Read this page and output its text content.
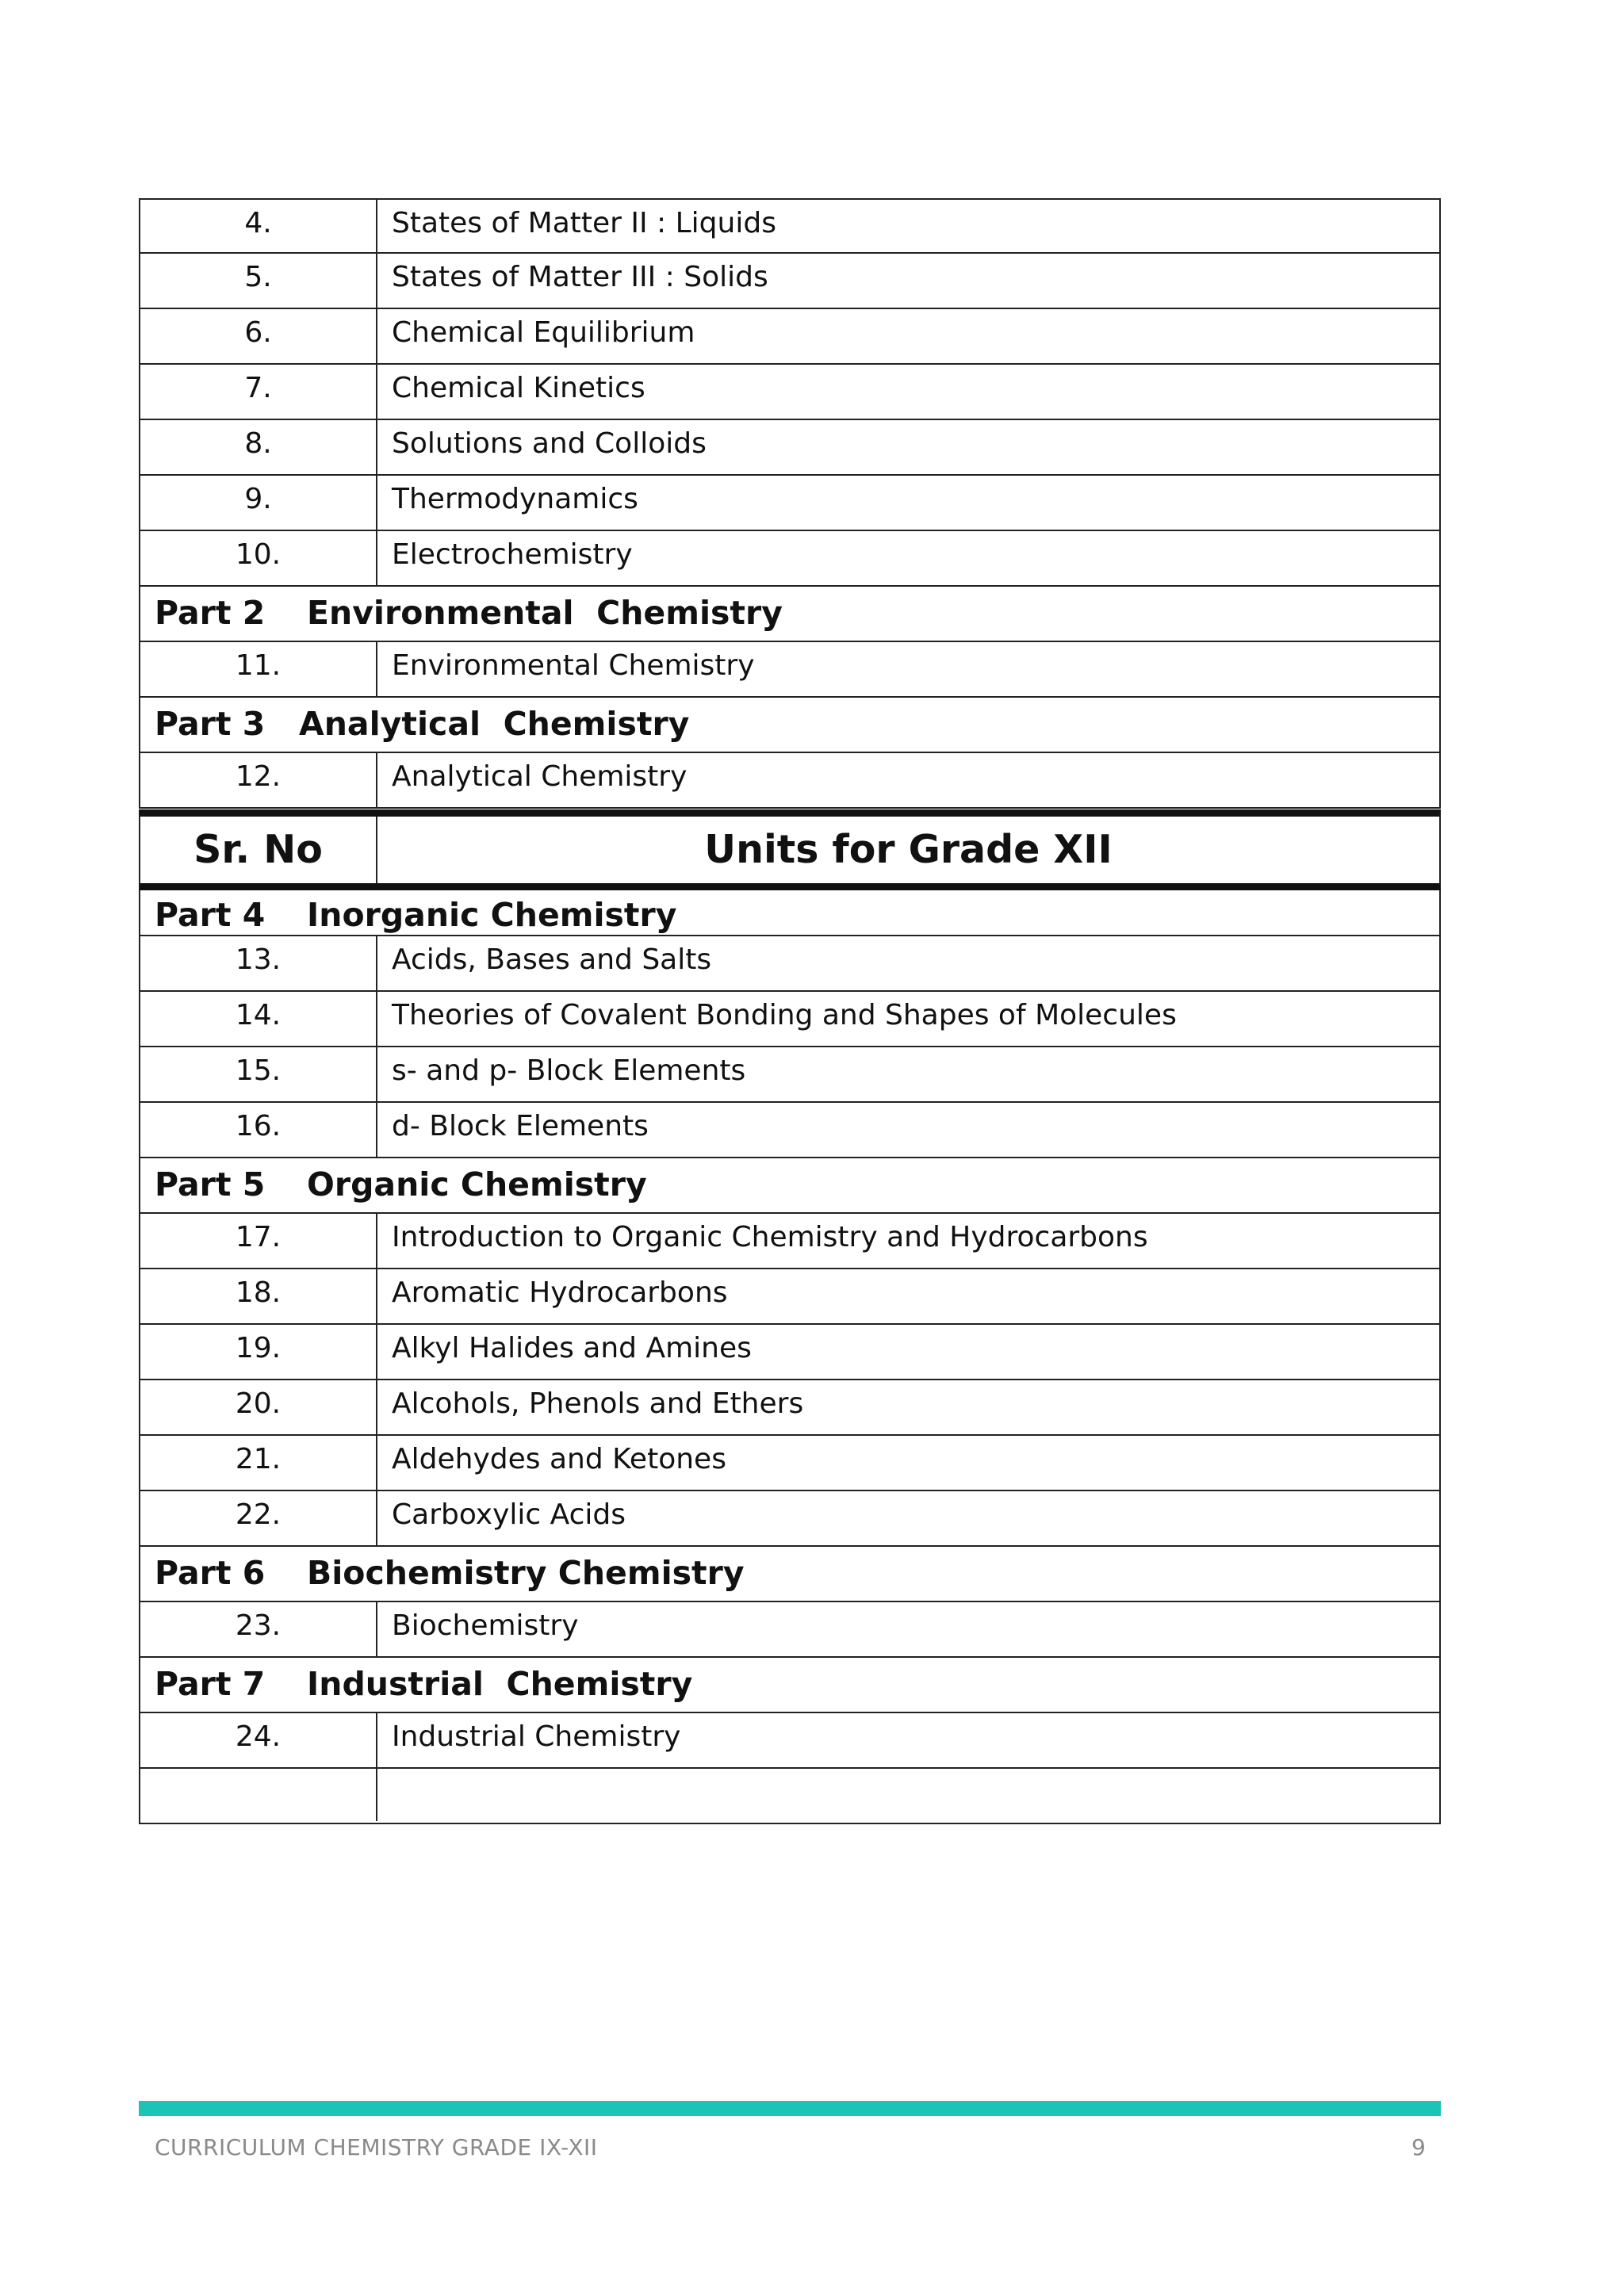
4.	States of Matter II : Liquids
5.	States of Matter III : Solids
6.	Chemical Equilibrium
7.	Chemical Kinetics
8.	Solutions and Colloids
9.	Thermodynamics
10.	Electrochemistry
Part 2 Environmental  Chemistry
11.	Environmental Chemistry
Part 3 Analytical  Chemistry
12.	Analytical Chemistry
Sr. No	Units for Grade XII
Part 4 Inorganic Chemistry
13.	Acids, Bases and Salts
14.	Theories of Covalent Bonding and Shapes of Molecules
15.	s- and p- Block Elements
16.	d- Block Elements
Part 5 Organic Chemistry
17.	Introduction to Organic Chemistry and Hydrocarbons
18.	Aromatic Hydrocarbons
19.	Alkyl Halides and Amines
20.	Alcohols, Phenols and Ethers
21.	Aldehydes and Ketones
22.	Carboxylic Acids
Part 6 Biochemistry Chemistry
23.	Biochemistry
Part 7 Industrial  Chemistry
24.	Industrial Chemistry
CURRICULUM CHEMISTRY GRADE IX-XII	9
